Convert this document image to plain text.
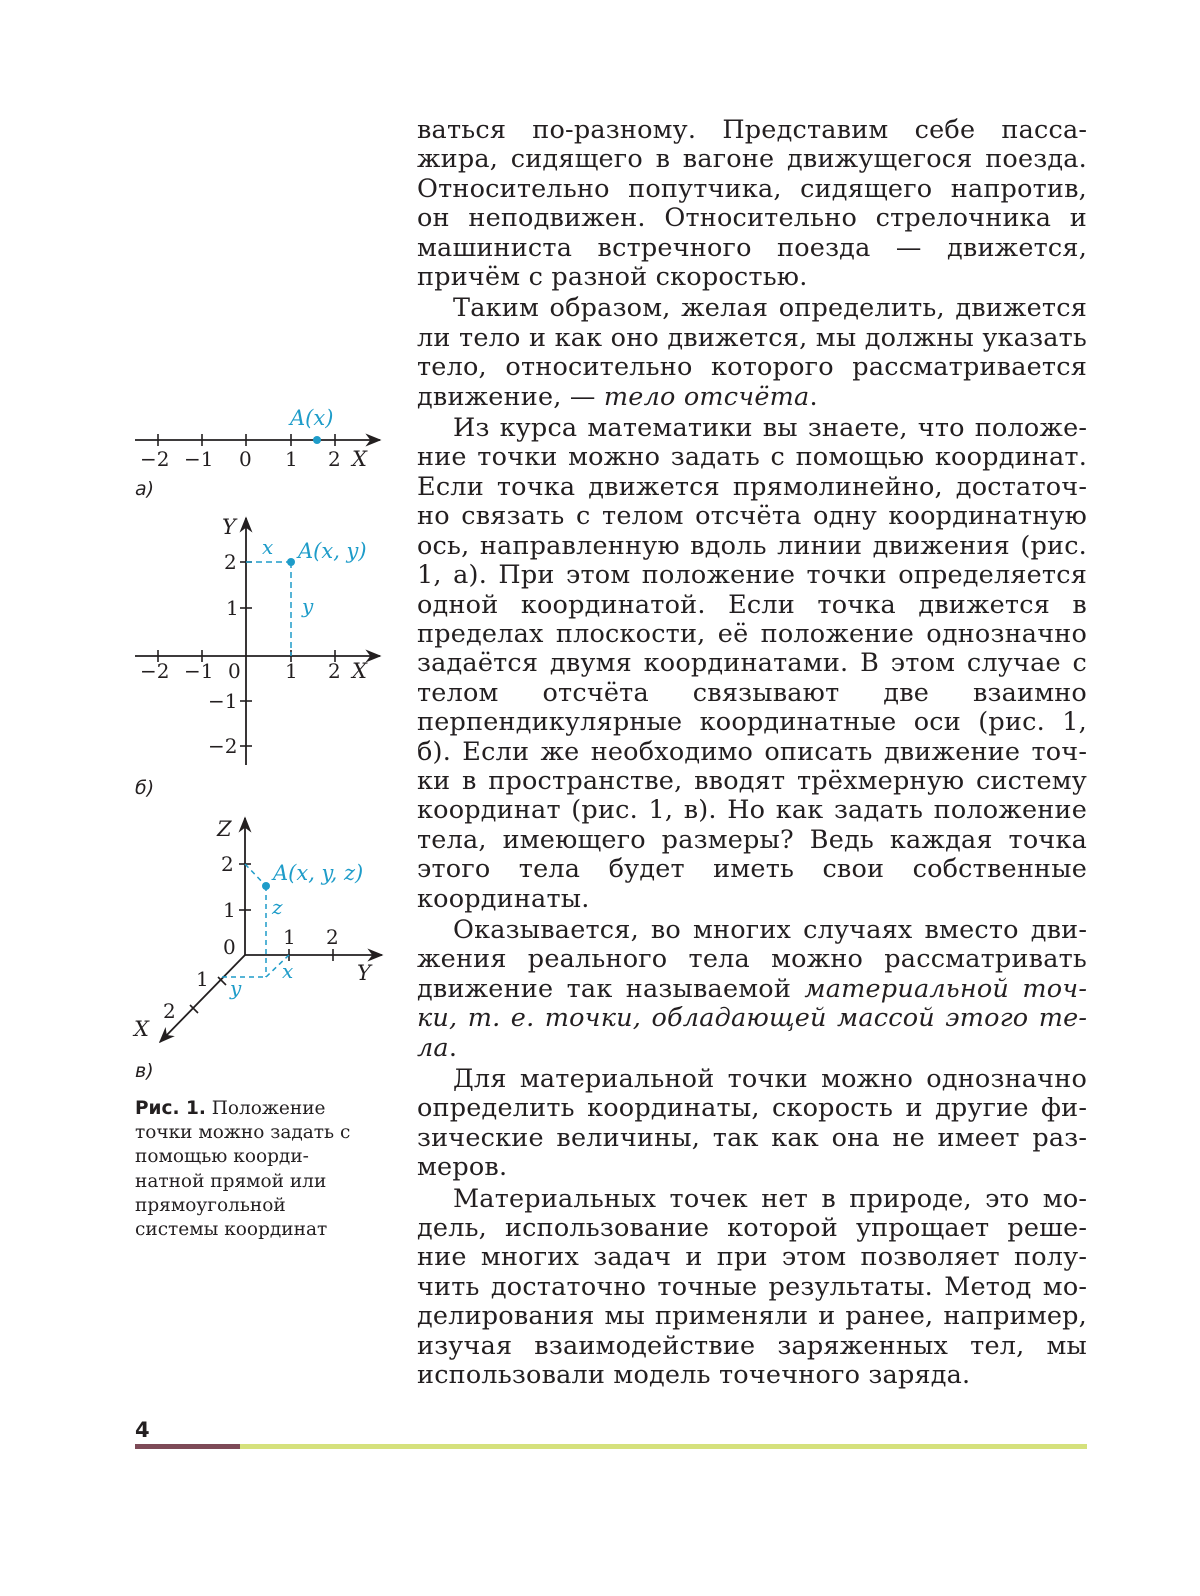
ваться по-разному. Представим себе пассажира, сидящего в вагоне движущегося поезда. Относительно попутчика, сидящего напротив, он неподвижен. Относительно стрелочника и машиниста встречного поезда — движется, причём с разной скоростью.

Таким образом, желая определить, движется ли тело и как оно движется, мы должны указать тело, относительно которого рассматривается движение, — тело отсчёта.

Из курса математики вы знаете, что положение точки можно задать с помощью координат. Если точка движется прямолинейно, достаточно связать с телом отсчёта одну координатную ось, направленную вдоль линии движения (рис. 1, а). При этом положение точки определяется одной координатой. Если точка движется в пределах плоскости, её положение однозначно задаётся двумя координатами. В этом случае с телом отсчёта связывают две взаимно перпендикулярные координатные оси (рис. 1, б). Если же необходимо описать движение точки в пространстве, вводят трёхмерную систему координат (рис. 1, в). Но как задать положение тела, имеющего размеры? Ведь каждая точка этого тела будет иметь свои собственные координаты.

Оказывается, во многих случаях вместо движения реального тела можно рассматривать движение так называемой материальной точки, т. е. точки, обладающей массой этого тела.

Для материальной точки можно однозначно определить координаты, скорость и другие физические величины, так как она не имеет размеров.

Материальных точек нет в природе, это модель, использование которой упрощает решение многих задач и при этом позволяет получить достаточно точные результаты. Метод моделирования мы применяли и ранее, например, изучая взаимодействие заряженных тел, мы использовали модель точечного заряда.

A(x)
−2 −1 0 1 2 X
x
y
A(x, y)
Y
X
−2 −1 0 1 2
2
1
−1
−2
A(x, y, z)
z
x
y
Z
Y
X
2
1
0 1 2
1
2
а)
б)
в)
Рис. 1. Положение точки можно задать с помощью координатной прямой или прямоугольной системы координат
4
